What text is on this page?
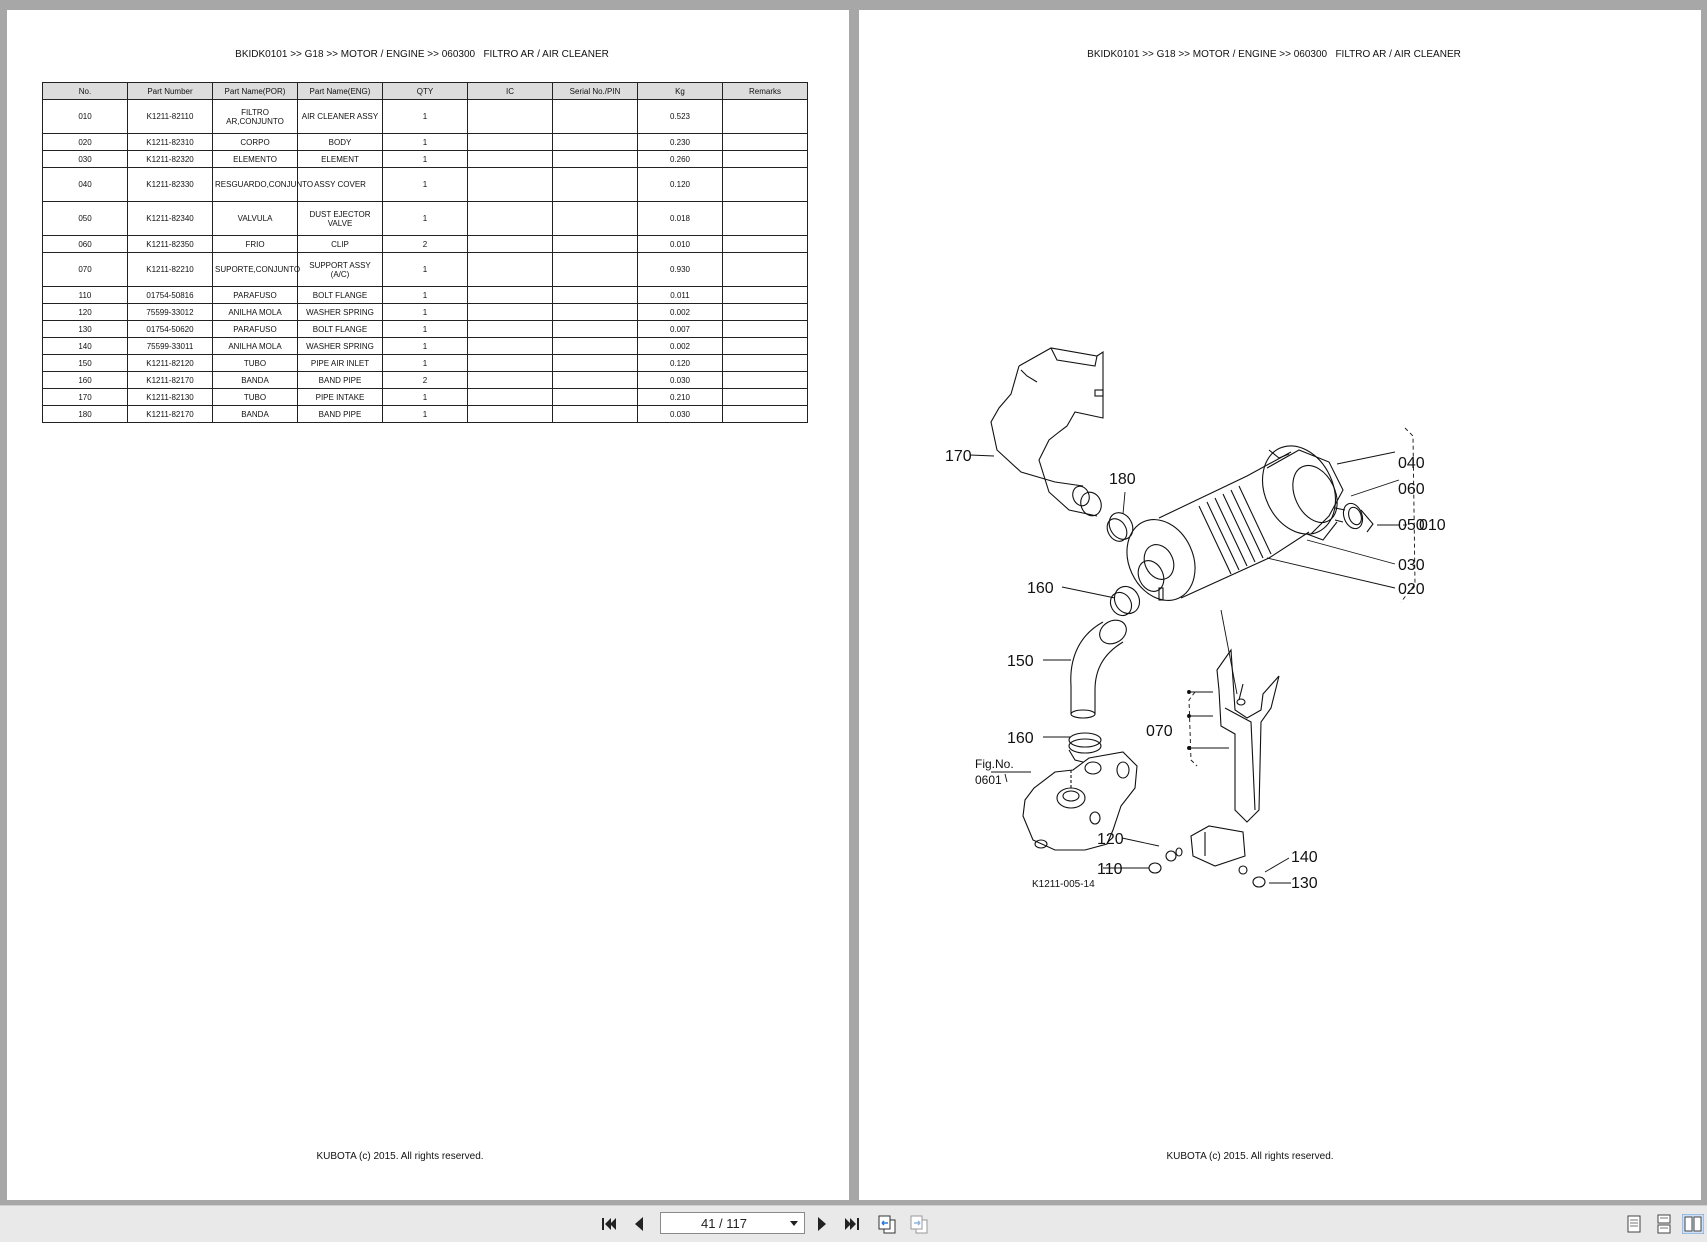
BKIDK0101 >> G18 >> MOTOR / ENGINE >> 060300   FILTRO AR / AIR CLEANER
No.	Part Number	Part Name(POR)	Part Name(ENG)	QTY	IC	Serial No./PIN	Kg	Remarks
010	K1211-82110	FILTRO AR,CONJUNTO	AIR CLEANER ASSY	1			0.523	
020	K1211-82310	CORPO	BODY	1			0.230	
030	K1211-82320	ELEMENTO	ELEMENT	1			0.260	
040	K1211-82330	RESGUARDO,CONJUNTO	ASSY COVER	1			0.120	
050	K1211-82340	VALVULA	DUST EJECTOR VALVE	1			0.018	
060	K1211-82350	FRIO	CLIP	2			0.010	
070	K1211-82210	SUPORTE,CONJUNTO	SUPPORT ASSY (A/C)	1			0.930	
110	01754-50816	PARAFUSO	BOLT FLANGE	1			0.011	
120	75599-33012	ANILHA MOLA	WASHER SPRING	1			0.002	
130	01754-50620	PARAFUSO	BOLT FLANGE	1			0.007	
140	75599-33011	ANILHA MOLA	WASHER SPRING	1			0.002	
150	K1211-82120	TUBO	PIPE AIR INLET	1			0.120	
160	K1211-82170	BANDA	BAND PIPE	2			0.030	
170	K1211-82130	TUBO	PIPE INTAKE	1			0.210	
180	K1211-82170	BANDA	BAND PIPE	1			0.030	
KUBOTA (c) 2015. All rights reserved.
BKIDK0101 >> G18 >> MOTOR / ENGINE >> 060300   FILTRO AR / AIR CLEANER
170
180
040
060
050
010
030
020
160
150
160	070
120
110
140
130
Fig.No.
0601
K1211-005-14
KUBOTA (c) 2015. All rights reserved.
41 / 117
